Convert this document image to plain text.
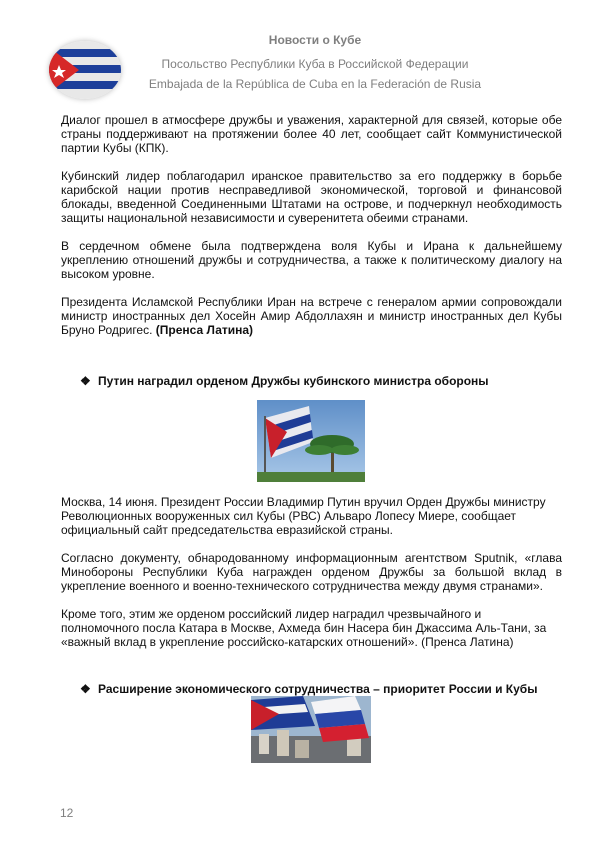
Новости о Кубе
Посольство Республики Куба в Российской Федерации
Embajada de la República de Cuba en la Federación de Rusia

Диалог прошел в атмосфере дружбы и уважения, характерной для связей, которые обе страны поддерживают на протяжении более 40 лет, сообщает сайт Коммунистической партии Кубы (КПК).

Кубинский лидер поблагодарил иранское правительство за его поддержку в борьбе карибской нации против несправедливой экономической, торговой и финансовой блокады, введенной Соединенными Штатами на острове, и подчеркнул необходимость защиты национальной независимости и суверенитета обеими странами.

В сердечном обмене была подтверждена воля Кубы и Ирана к дальнейшему укреплению отношений дружбы и сотрудничества, а также к политическому диалогу на высоком уровне.

Президента Исламской Республики Иран на встрече с генералом армии сопровождали министр иностранных дел Хосейн Амир Абдоллахян и министр иностранных дел Кубы Бруно Родригес. (Пренса Латина)

❖ Путин наградил орденом Дружбы кубинского министра обороны

Москва, 14 июня. Президент России Владимир Путин вручил Орден Дружбы министру Революционных вооруженных сил Кубы (РВС) Альваро Лопесу Миере, сообщает официальный сайт председательства евразийской страны.

Согласно документу, обнародованному информационным агентством Sputnik, «глава Минобороны Республики Куба награжден орденом Дружбы за большой вклад в укрепление военного и военно-технического сотрудничества между двумя странами».

Кроме того, этим же орденом российский лидер наградил чрезвычайного и полномочного посла Катара в Москве, Ахмеда бин Насера бин Джассима Аль-Тани, за «важный вклад в укрепление российско-катарских отношений». (Пренса Латина)

❖ Расширение экономического сотрудничества – приоритет России и Кубы
12
